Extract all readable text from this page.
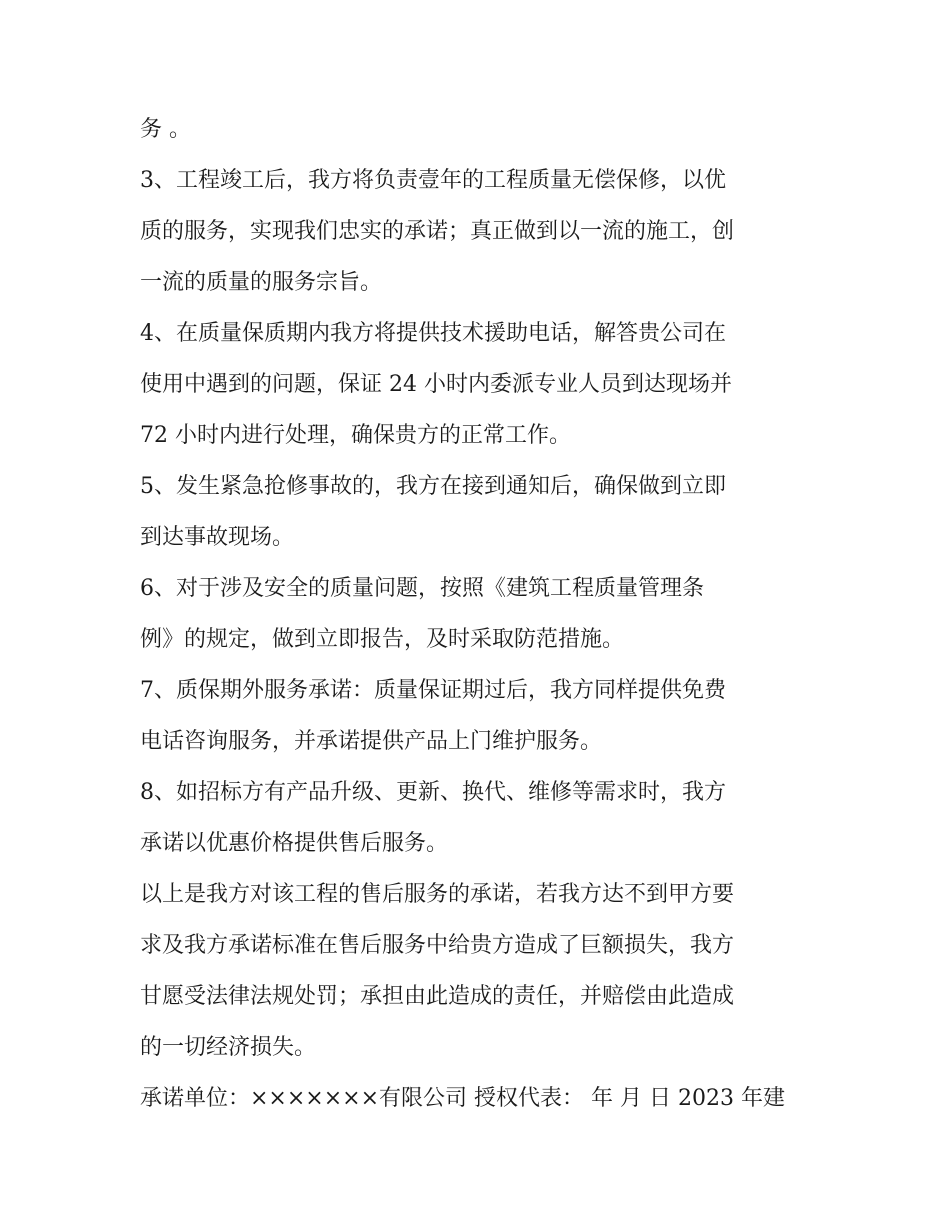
务 。
3、工程竣工后，我方将负责壹年的工程质量无偿保修，以优
质的服务，实现我们忠实的承诺；真正做到以一流的施工，创
一流的质量的服务宗旨。
4、在质量保质期内我方将提供技术援助电话，解答贵公司在
使用中遇到的问题，保证 24 小时内委派专业人员到达现场并
72 小时内进行处理，确保贵方的正常工作。
5、发生紧急抢修事故的，我方在接到通知后，确保做到立即
到达事故现场。
6、对于涉及安全的质量问题，按照《建筑工程质量管理条
例》的规定，做到立即报告，及时采取防范措施。
7、质保期外服务承诺：质量保证期过后，我方同样提供免费
电话咨询服务，并承诺提供产品上门维护服务。
8、如招标方有产品升级、更新、换代、维修等需求时，我方
承诺以优惠价格提供售后服务。
以上是我方对该工程的售后服务的承诺，若我方达不到甲方要
求及我方承诺标准在售后服务中给贵方造成了巨额损失，我方
甘愿受法律法规处罚；承担由此造成的责任，并赔偿由此造成
的一切经济损失。
承诺单位：×××××××有限公司 授权代表： 年 月 日 2023 年建
